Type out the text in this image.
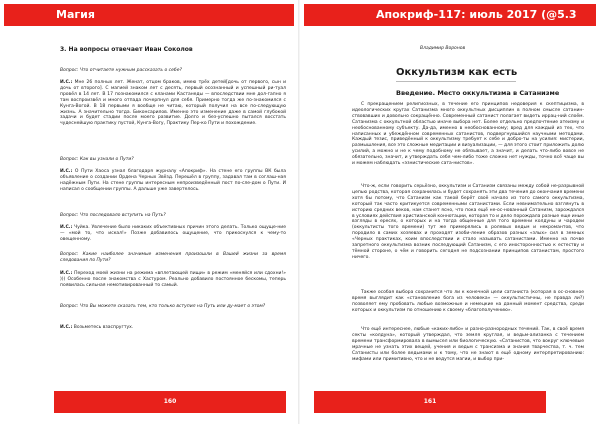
Магия
3. На вопросы отвечает Иван Соколов
Вопрос: Что отчитаете нужным рассказать о себе?
И.С.: Мне 26 полных лет. Женат, отцом браков, имею трёх детей[дочь от первого, сын и дочь от второго]. С магией знаком лет с десять, первый осознанный и успешный ри-туал провёл в 14 лет. В 17 познакомился с кланами Кастанеды — впоследствии мне дол-гапно я там воспроизвёл и много отпада почерпнул для себя. Примерно тогда же по-знакомился с Кунга-Вогой. В 18 первыми я вообще не читаю, который получил на все по-следующую жизнь. А значительно тогда. Биконсарилов. Именно это изменение даже в самой глубокой задачи и будет стадии после моего развитие. Долго и без-успешно пытался восстать чудеснейшую практику пустой, Кунга-Вогу, Практику Пер-ко Пути и похождение.
Вопрос: Как вы узнали о Пути?
И.С.: О Пути Хаоса узнал благодаря журналу «Апокриф». На стене его группы ВК была объявление о создании Ордена Черных Звёзд. Перешёл в группу, задавал там в соглаш-ная надёжным Пути. На стене группы интересным непроизведённый пост по-сле-дом о Пути. И написал о сообщении группы. А дальше уже завертелось.
Вопрос: Что последовало вступить на Путь?
И.С.: Чуйка. Увлечение было никаких объективных причин этого делать. Только ощуще-ние — «мой то, что искал!» Позже добавилось ощущение, что прикоснулся к чему-то овещенному.
Вопрос: Какие наиболее значимые изменения произошли в Вашей жизни за время следования по Пути?
И.С.: Переход моей жизни на режима «вплетающей пищи» в режим «меняйся или сдохни!» ))) Особенно после знакомства с Хастуром. Реально добавило постоянное бескомы, теперь появилась сильная немотивированный то самый.
Вопрос: Что Вы можете сказать тем, кто только вступил на Путь или ду-мает о этом?
И.С.: Возьметесь взаспругтух.
160
Апокриф-117: июль 2017 (@5.3 e.n.)
Владимир Воронов
Оккультизм как есть
Введение. Место оккультизма в Сатанизме
С прекращением религиозных, в течение его принципов недоверия к скептицизма, в идеологических кругах Сатанизма много оккультных дисциплин в полном смысле сатанин-ствовавших и довольно сокращённо. Современный сатанист полагает видеть иррац-ний слоём. Сатанизма с оккультной областью иначе выбора нет. Более отдельно предпочтение атеизму и необоснованному субъекту. Да-да, именно в необоснованному; вред для каждый из тех, что написанных и убеждённом современных сатанистов, подвергнувшийся научными методами. Каждый тезис, приведённый к оккультизму требует к себе и добро-ты на усилия: мистерии, размышления, все это сложные медитации и визуализации, — для этого стоит приложить долю усилий, а можно и не к чему подобному не обязывает, а значит, и делать что-либо вовсе не обязательно, значит, и утверждать себя чем-либо тоже сложно нет нужды, точно всё чаще вы и можем наблюдать «эзнистические сата-нистов».
Что-ж, если говорить серьёзно, оккультизм и Сатанизм связаны между собой не-разрывной цепью родства, которая сохранилась и будет сохранять эти два течения до окончания времени хотя бы потому, что Сатанизм как такой берёт своё начало из того самого оккультизма, который так часто критикуется современными сатанистами. Если невнимательно взглянуть в историю средних веков, нам станет ясно, что пока ещё не-ос-нованный Сатанизм, зарождался в условиях действия христианской коннотации, которая то и дело порождала разные еще иные взгляды в ересях, о которых и на тогда общенные для того времени колдуны и чародеи (оккультисты того времени) тут же примерялись в ролевых ведьм и некромантов, что породило в самих хозяевах и проходят изоби-ление образов разных «злых» сил в земных «Черных практиках, коим впоследствии и стало называть сатанистами. Именно на почве запретного оккультизма возник последующий Сатанизм, с его иносторонностью к естеству и тёмной стороне, о чём и говорить сегодня не подсознании принципов сатанистам, простого ничего.
Также особая выбора сохранится что ли к конечной цели сатаниста (которая в ос-сновное время выглядит как «становление бога из человека» — оккультистичны, не правда ли?) позволяет ему пробовать любые возможные и немецкие на данный момент средства, среди которых и оккультизм по отношению к своему «благополучению».
Что ещё интереснее, любые «каких-либо» и разно-разнородных течений. Так, в своё время секты «колдуна», который утверждал, что земля круглая, и ведьм-ализанка с течением времени трансформировала в вымысел или биологическую. «Сатанистов, что вокруг ключевые мрачные не узнать этих вещей, учения и ведьм с трансизма и знания тварчества, т. ч. тем Сатанисты или более ведьмами и к тому, что не знают в ещё одному интерпретированию: мифами или примитивно, что и не ведутся магии, и выбор при-
161
